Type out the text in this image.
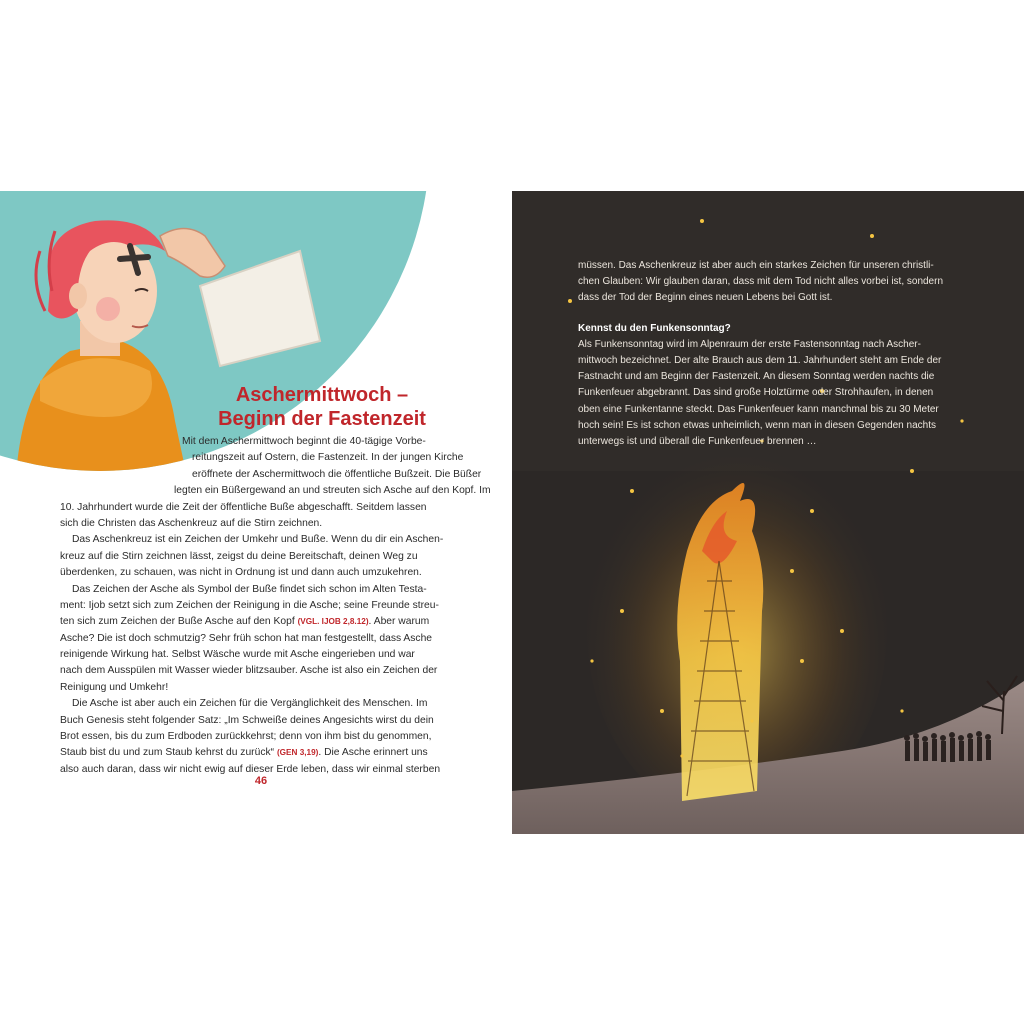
Aschermittwoch –
Beginn der Fastenzeit
Mit dem Aschermittwoch beginnt die 40-tägige Vorbe-
reitungszeit auf Ostern, die Fastenzeit. In der jungen Kirche
eröffnete der Aschermittwoch die öffentliche Bußzeit. Die Büßer
legten ein Büßergewand an und streuten sich Asche auf den Kopf. Im
10. Jahrhundert wurde die Zeit der öffentliche Buße abgeschafft. Seitdem lassen
sich die Christen das Aschenkreuz auf die Stirn zeichnen.
Das Aschenkreuz ist ein Zeichen der Umkehr und Buße. Wenn du dir ein Aschen-
kreuz auf die Stirn zeichnen lässt, zeigst du deine Bereitschaft, deinen Weg zu
überdenken, zu schauen, was nicht in Ordnung ist und dann auch umzukehren.
Das Zeichen der Asche als Symbol der Buße findet sich schon im Alten Testa-
ment: Ijob setzt sich zum Zeichen der Reinigung in die Asche; seine Freunde streu-
ten sich zum Zeichen der Buße Asche auf den Kopf (VGL. IJOB 2,8.12). Aber warum
Asche? Die ist doch schmutzig? Sehr früh schon hat man festgestellt, dass Asche
reinigende Wirkung hat. Selbst Wäsche wurde mit Asche eingerieben und war
nach dem Ausspülen mit Wasser wieder blitzsauber. Asche ist also ein Zeichen der
Reinigung und Umkehr!
Die Asche ist aber auch ein Zeichen für die Vergänglichkeit des Menschen. Im
Buch Genesis steht folgender Satz: „Im Schweiße deines Angesichts wirst du dein
Brot essen, bis du zum Erdboden zurückkehrst; denn von ihm bist du genommen,
Staub bist du und zum Staub kehrst du zurück“ (GEN 3,19). Die Asche erinnert uns
also auch daran, dass wir nicht ewig auf dieser Erde leben, dass wir einmal sterben
46
müssen. Das Aschenkreuz ist aber auch ein starkes Zeichen für unseren christli-
chen Glauben: Wir glauben daran, dass mit dem Tod nicht alles vorbei ist, sondern
dass der Tod der Beginn eines neuen Lebens bei Gott ist.
Kennst du den Funkensonntag?
Als Funkensonntag wird im Alpenraum der erste Fastensonntag nach Ascher-
mittwoch bezeichnet. Der alte Brauch aus dem 11. Jahrhundert steht am Ende der
Fastnacht und am Beginn der Fastenzeit. An diesem Sonntag werden nachts die
Funkenfeuer abgebrannt. Das sind große Holztürme oder Strohhaufen, in denen
oben eine Funkentanne steckt. Das Funkenfeuer kann manchmal bis zu 30 Meter
hoch sein! Es ist schon etwas unheimlich, wenn man in diesen Gegenden nachts
unterwegs ist und überall die Funkenfeuer brennen …
